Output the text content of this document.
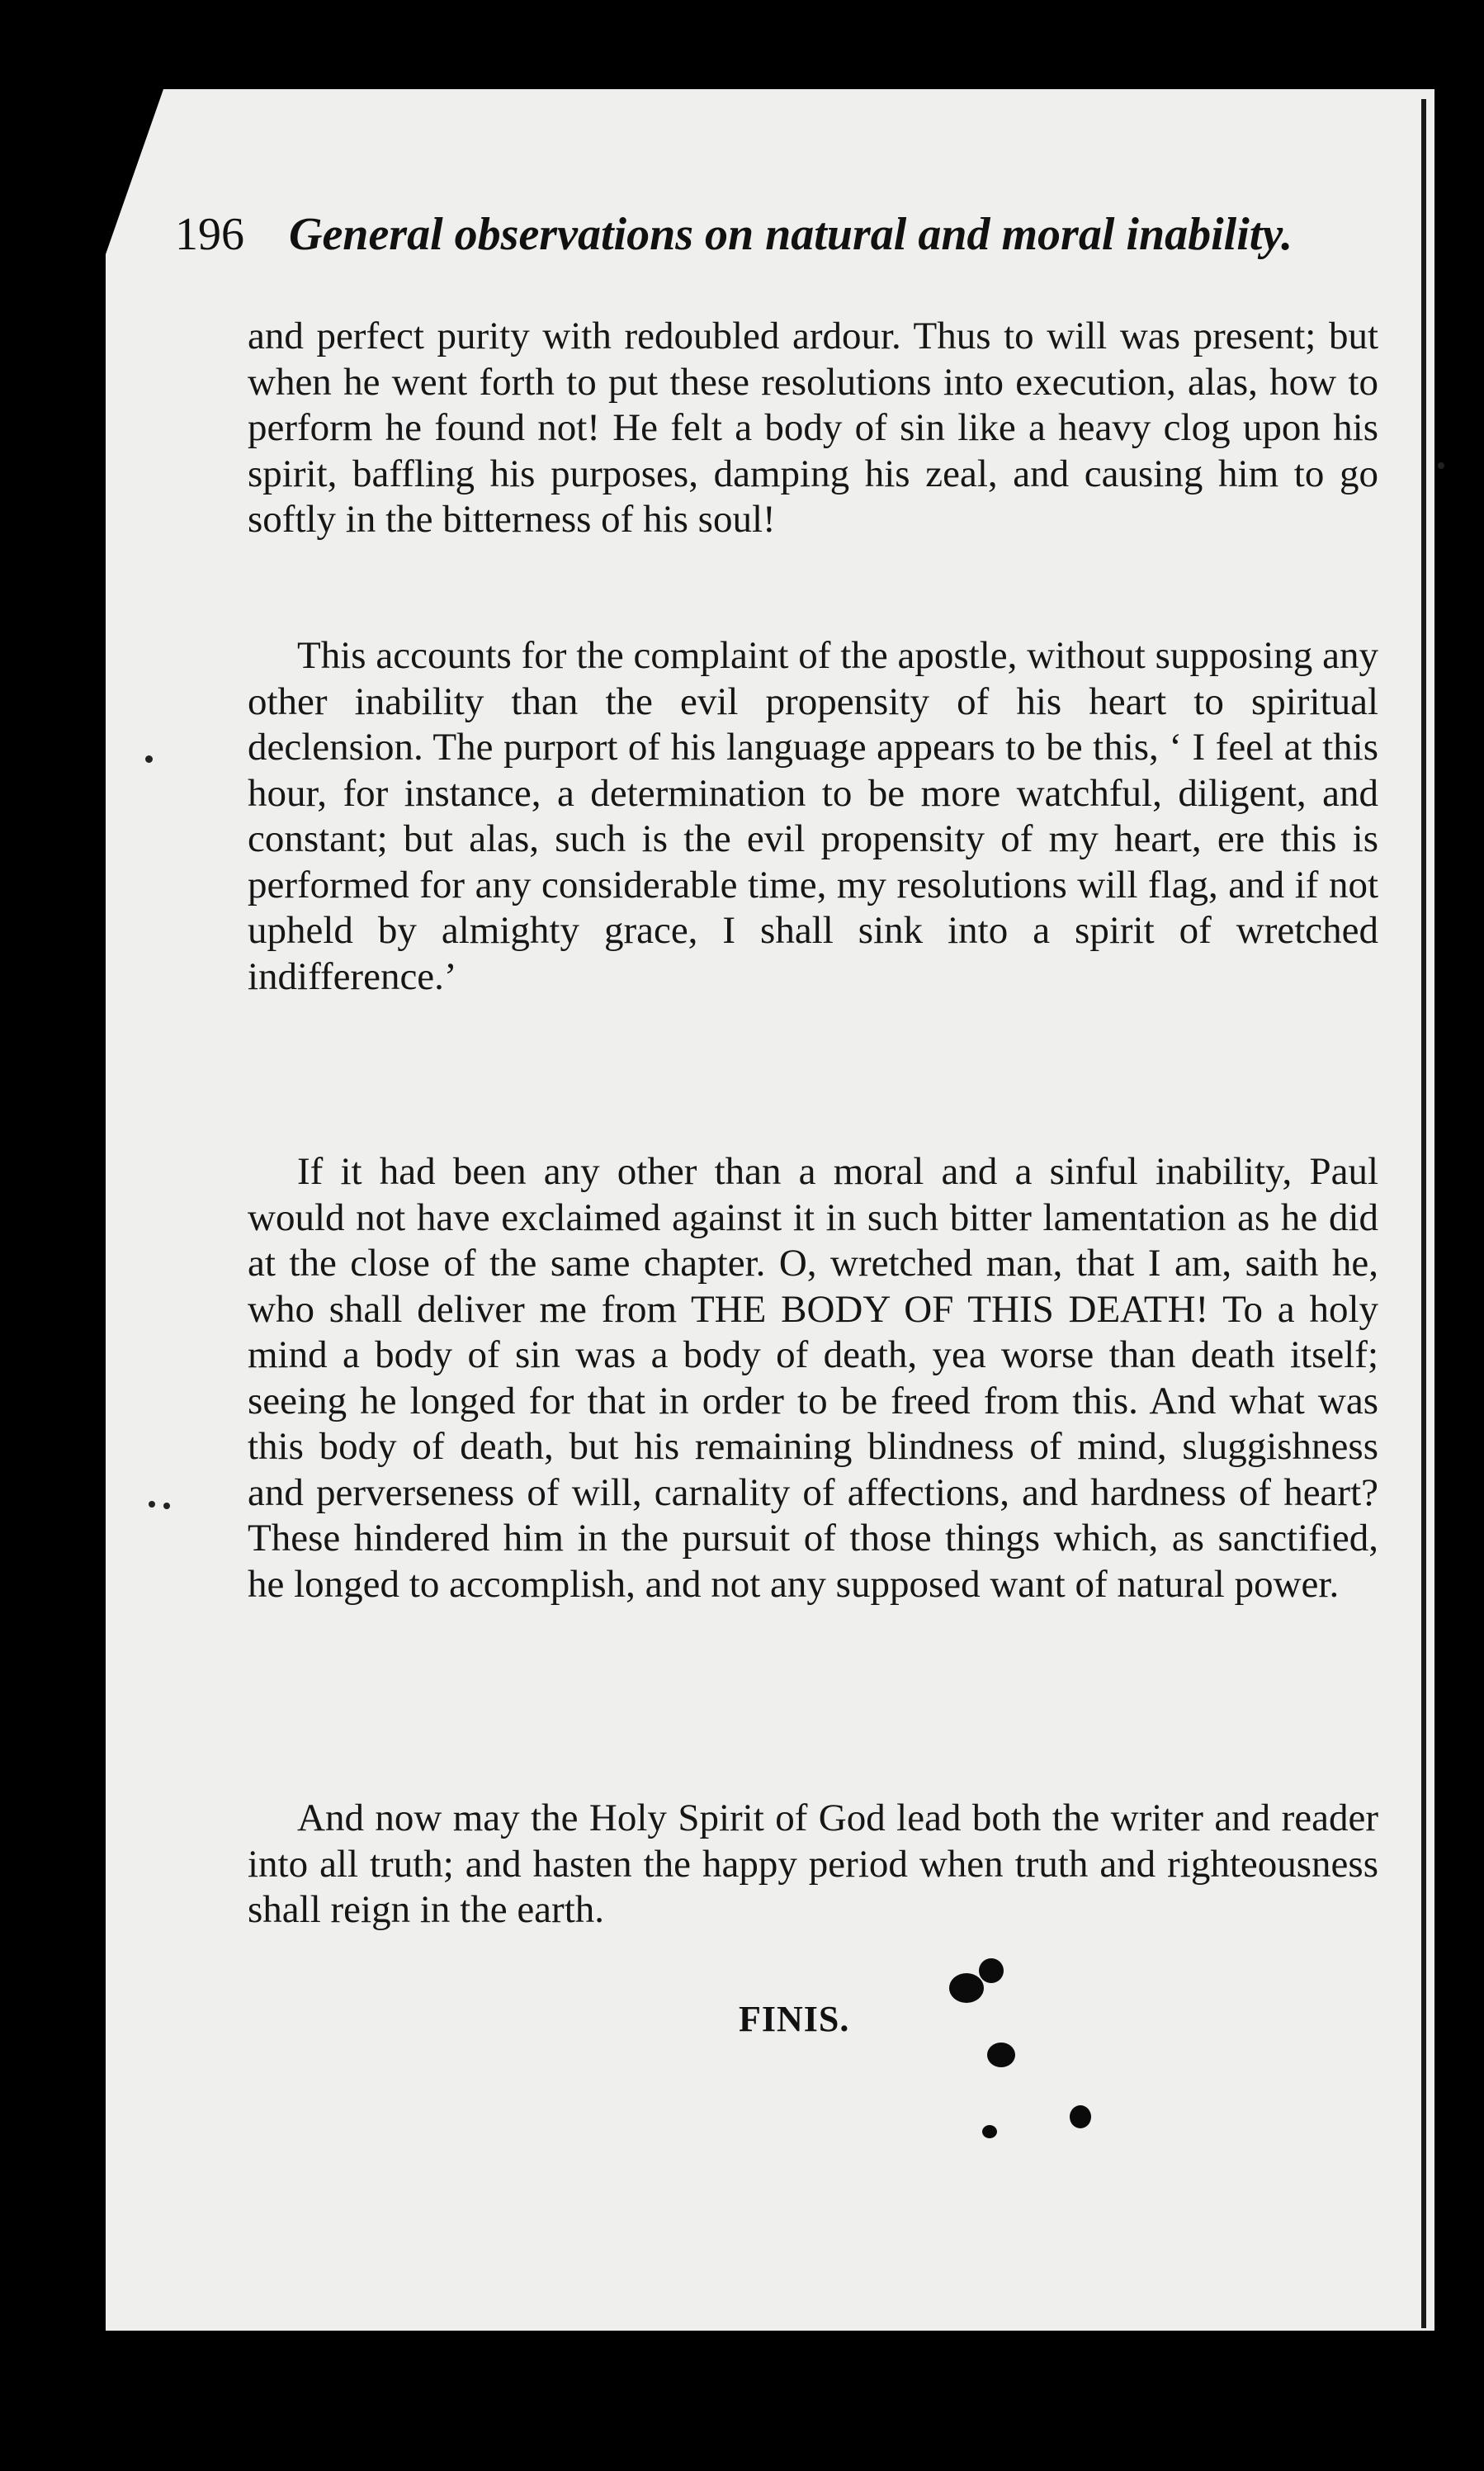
196 General observations on natural and moral inability.
and perfect purity with redoubled ardour. Thus to will was present; but when he went forth to put these resolutions into execution, alas, how to perform he found not! He felt a body of sin like a heavy clog upon his spirit, baffling his purposes, damping his zeal, and causing him to go softly in the bitterness of his soul!
This accounts for the complaint of the apostle, without supposing any other inability than the evil propensity of his heart to spiritual declension. The purport of his language appears to be this, ‘ I feel at this hour, for instance, a determination to be more watchful, diligent, and constant; but alas, such is the evil propensity of my heart, ere this is performed for any considerable time, my resolutions will flag, and if not upheld by almighty grace, I shall sink into a spirit of wretched indifference.’
If it had been any other than a moral and a sinful inability, Paul would not have exclaimed against it in such bitter lamentation as he did at the close of the same chapter. O, wretched man, that I am, saith he, who shall deliver me from THE BODY OF THIS DEATH! To a holy mind a body of sin was a body of death, yea worse than death itself; seeing he longed for that in order to be freed from this. And what was this body of death, but his remaining blindness of mind, sluggishness and perverseness of will, carnality of affections, and hardness of heart? These hindered him in the pursuit of those things which, as sanctified, he longed to accomplish, and not any supposed want of natural power.
And now may the Holy Spirit of God lead both the writer and reader into all truth; and hasten the happy period when truth and righteousness shall reign in the earth.
FINIS.
